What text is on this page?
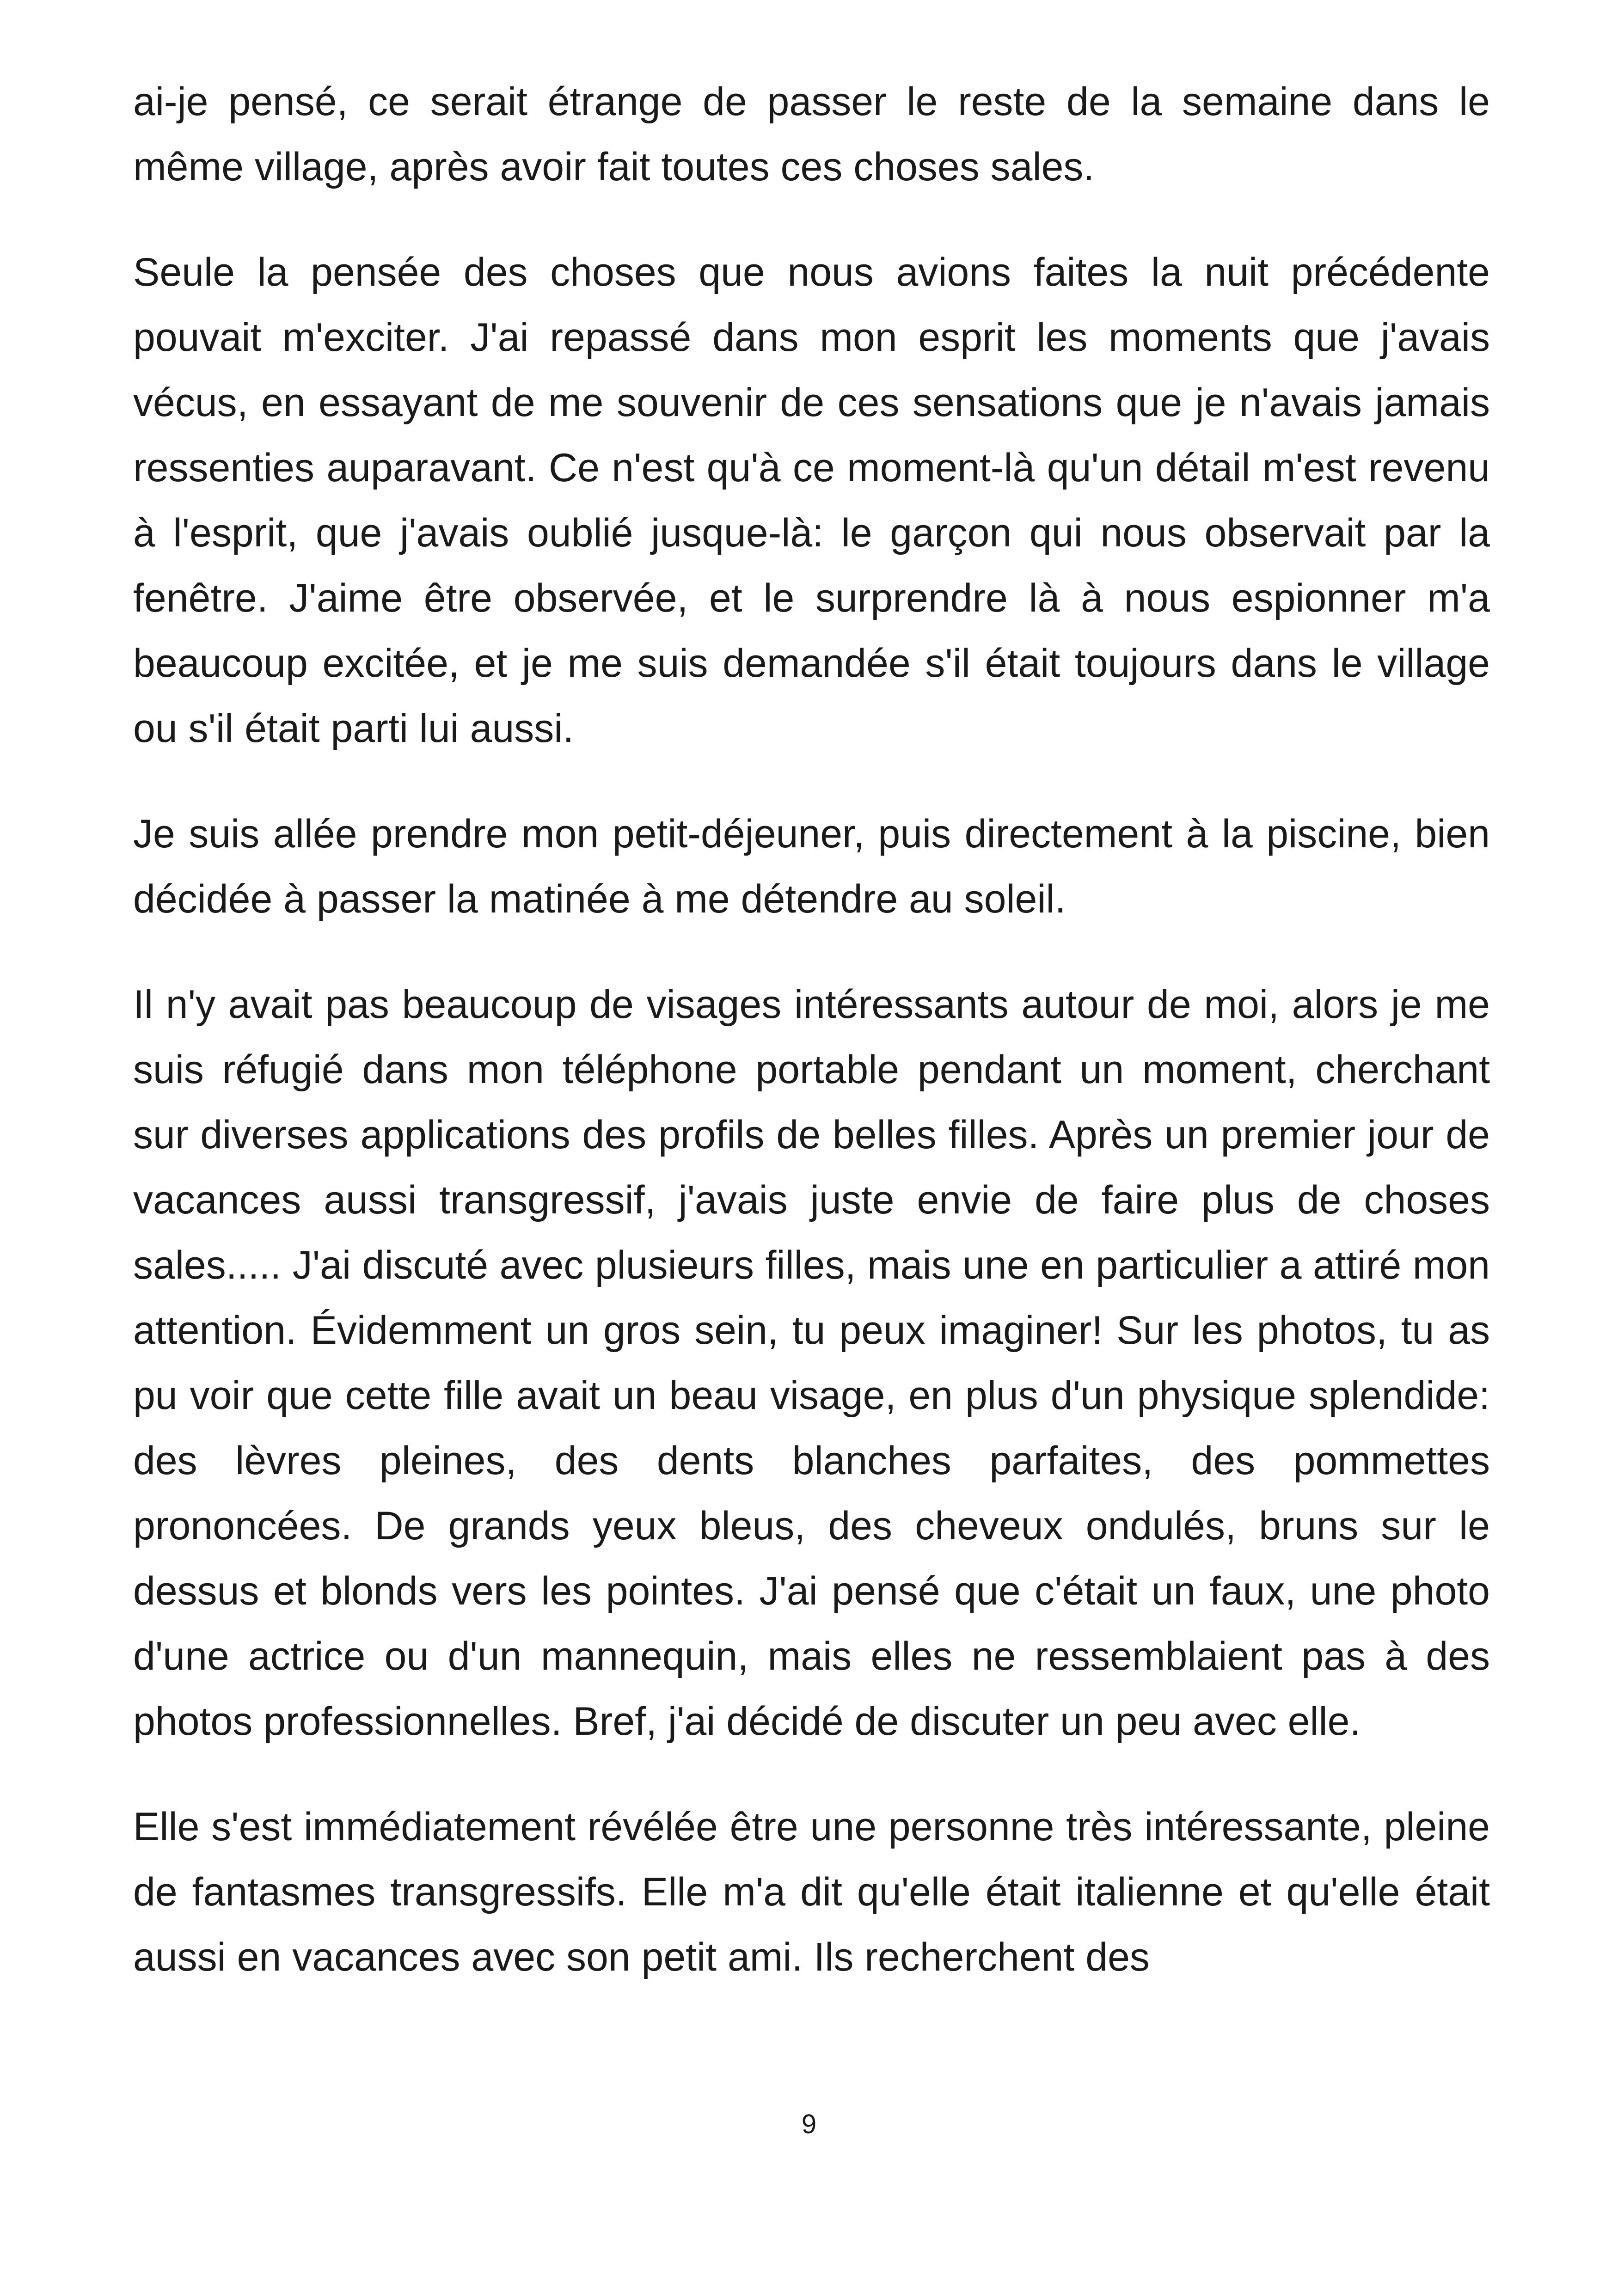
ai-je pensé, ce serait étrange de passer le reste de la semaine dans le même village, après avoir fait toutes ces choses sales.

Seule la pensée des choses que nous avions faites la nuit précédente pouvait m'exciter. J'ai repassé dans mon esprit les moments que j'avais vécus, en essayant de me souvenir de ces sensations que je n'avais jamais ressenties auparavant. Ce n'est qu'à ce moment-là qu'un détail m'est revenu à l'esprit, que j'avais oublié jusque-là: le garçon qui nous observait par la fenêtre. J'aime être observée, et le surprendre là à nous espionner m'a beaucoup excitée, et je me suis demandée s'il était toujours dans le village ou s'il était parti lui aussi.

Je suis allée prendre mon petit-déjeuner, puis directement à la piscine, bien décidée à passer la matinée à me détendre au soleil.

Il n'y avait pas beaucoup de visages intéressants autour de moi, alors je me suis réfugié dans mon téléphone portable pendant un moment, cherchant sur diverses applications des profils de belles filles. Après un premier jour de vacances aussi transgressif, j'avais juste envie de faire plus de choses sales..... J'ai discuté avec plusieurs filles, mais une en particulier a attiré mon attention. Évidemment un gros sein, tu peux imaginer! Sur les photos, tu as pu voir que cette fille avait un beau visage, en plus d'un physique splendide: des lèvres pleines, des dents blanches parfaites, des pommettes prononcées. De grands yeux bleus, des cheveux ondulés, bruns sur le dessus et blonds vers les pointes. J'ai pensé que c'était un faux, une photo d'une actrice ou d'un mannequin, mais elles ne ressemblaient pas à des photos professionnelles. Bref, j'ai décidé de discuter un peu avec elle.

Elle s'est immédiatement révélée être une personne très intéressante, pleine de fantasmes transgressifs. Elle m'a dit qu'elle était italienne et qu'elle était aussi en vacances avec son petit ami. Ils recherchent des

9
